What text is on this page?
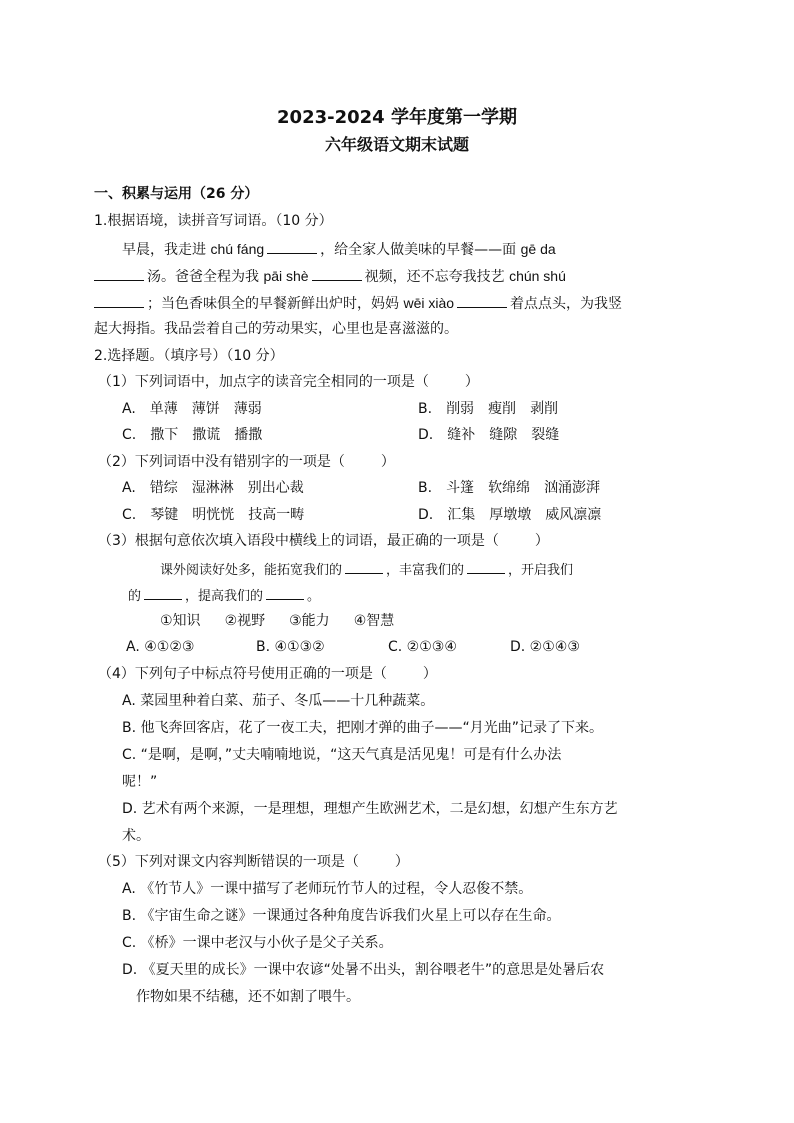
2023-2024 学年度第一学期
六年级语文期末试题
一、积累与运用（26 分）
1.根据语境，读拼音写词语。（10 分）
早晨，我走进 chú fáng	，给全家人做美味的早餐——面 gē da
汤。爸爸全程为我 pāi shè	视频，还不忘夸我技艺 chún shú
；当色香味俱全的早餐新鲜出炉时，妈妈 wēi xiào	着点点头，为我竖
起大拇指。我品尝着自己的劳动果实，心里也是喜滋滋的。
2.选择题。（填序号）（10 分）
（1）下列词语中，加点字的读音完全相同的一项是（	）
A. 单薄 薄饼 薄弱	B. 削弱 瘦削 剥削
C. 撒下 撒谎 播撒	D. 缝补 缝隙 裂缝
（2）下列词语中没有错别字的一项是（	）
A. 错综 湿淋淋 别出心裁	B. 斗篷 软绵绵 汹涌澎湃
C. 琴键 明恍恍 技高一畴	D. 汇集 厚墩墩 威风凛凛
（3）根据句意依次填入语段中横线上的词语，最正确的一项是（	）
课外阅读好处多，能拓宽我们的	，丰富我们的	，开启我们
的	，提高我们的	。
①知识 ②视野 ③能力 ④智慧
A. ④①②③	B. ④①③②	C. ②①③④	D. ②①④③
（4）下列句子中标点符号使用正确的一项是（	）
A. 菜园里种着白菜、茄子、冬瓜——十几种蔬菜。
B. 他飞奔回客店，花了一夜工夫，把刚才弹的曲子——“月光曲”记录了下来。
C. “是啊，是啊，”丈夫喃喃地说，“这天气真是活见鬼！可是有什么办法
呢！”
D. 艺术有两个来源，一是理想，理想产生欧洲艺术，二是幻想，幻想产生东方艺
术。
（5）下列对课文内容判断错误的一项是（	）
A. 《竹节人》一课中描写了老师玩竹节人的过程，令人忍俊不禁。
B. 《宇宙生命之谜》一课通过各种角度告诉我们火星上可以存在生命。
C. 《桥》一课中老汉与小伙子是父子关系。
D. 《夏天里的成长》一课中农谚“处暑不出头，割谷喂老牛”的意思是处暑后农
作物如果不结穗，还不如割了喂牛。
